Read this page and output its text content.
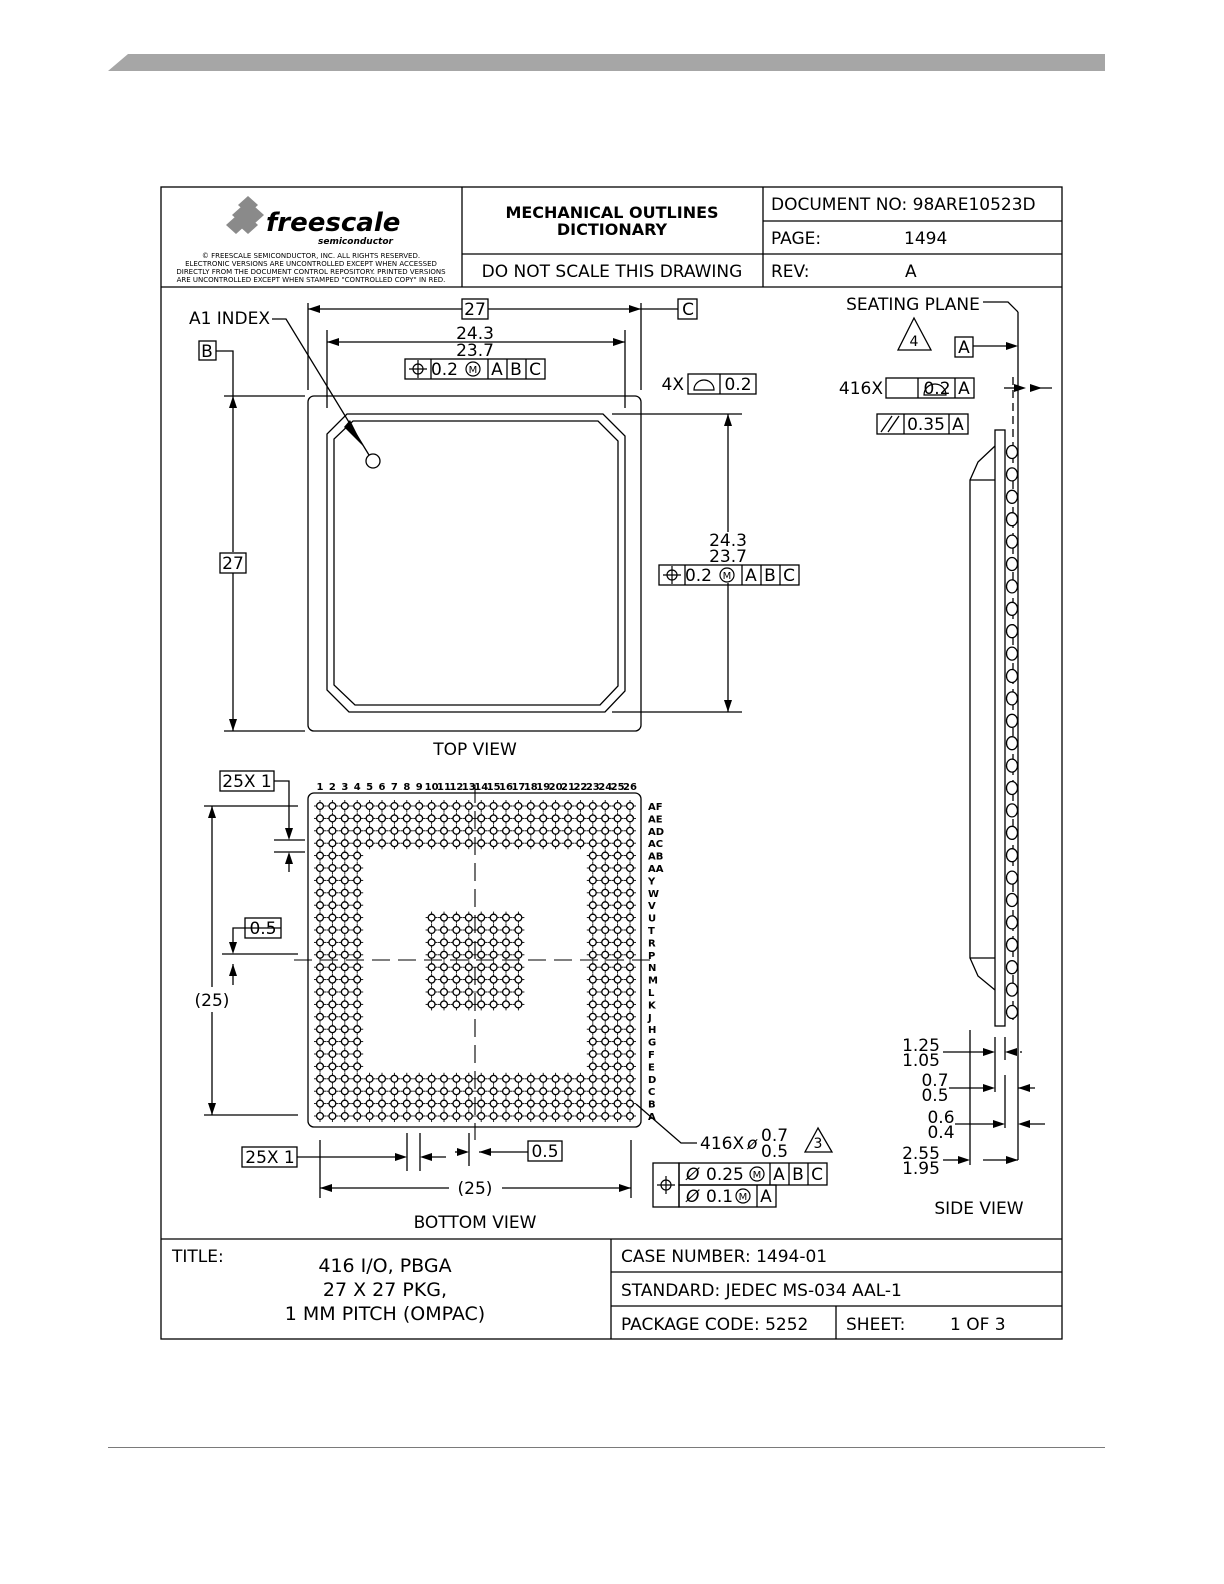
freescale
semiconductor
© FREESCALE SEMICONDUCTOR, INC. ALL RIGHTS RESERVED.
ELECTRONIC VERSIONS ARE UNCONTROLLED EXCEPT WHEN ACCESSED
DIRECTLY FROM THE DOCUMENT CONTROL REPOSITORY. PRINTED VERSIONS
ARE UNCONTROLLED EXCEPT WHEN STAMPED "CONTROLLED COPY" IN RED.
MECHANICAL OUTLINES
DICTIONARY
DO NOT SCALE THIS DRAWING
DOCUMENT NO: 98ARE10523D
PAGE:	1494
REV:	A
M
M
27	C
B
27
A1 INDEX
24.3
23.7
24.3
23.7
0.2 A B C
0.2 A B C
4X 0.2
TOP VIEW
1 2 3 4 5 6 7 8 9 10
11
12
13
14
15
16
17
18
19
20
21
22
23
24
25
26
AF
AE
AD
AC
AB
AA
Y
W
V
U
T
R
P
N
M
L
K
J
H
G
F
E
D
C
B
A
M
M
Ø
Ø
0.25
0.1
A B C
A
25X 1
0.5
(25)
25X 1	0.5
(25)
416X ø 0.7
0.5 3
BOTTOM VIEW
SEATING PLANE
4 A
416X 0.2 A
0.35 A
1.25
1.05
0.7
0.5
0.6
0.4
2.55
1.95
SIDE VIEW
TITLE:	416 I/O, PBGA
27 X 27 PKG,
1 MM PITCH (OMPAC)
CASE NUMBER: 1494-01
STANDARD: JEDEC MS-034 AAL-1
PACKAGE CODE: 5252 SHEET:	1 OF 3
